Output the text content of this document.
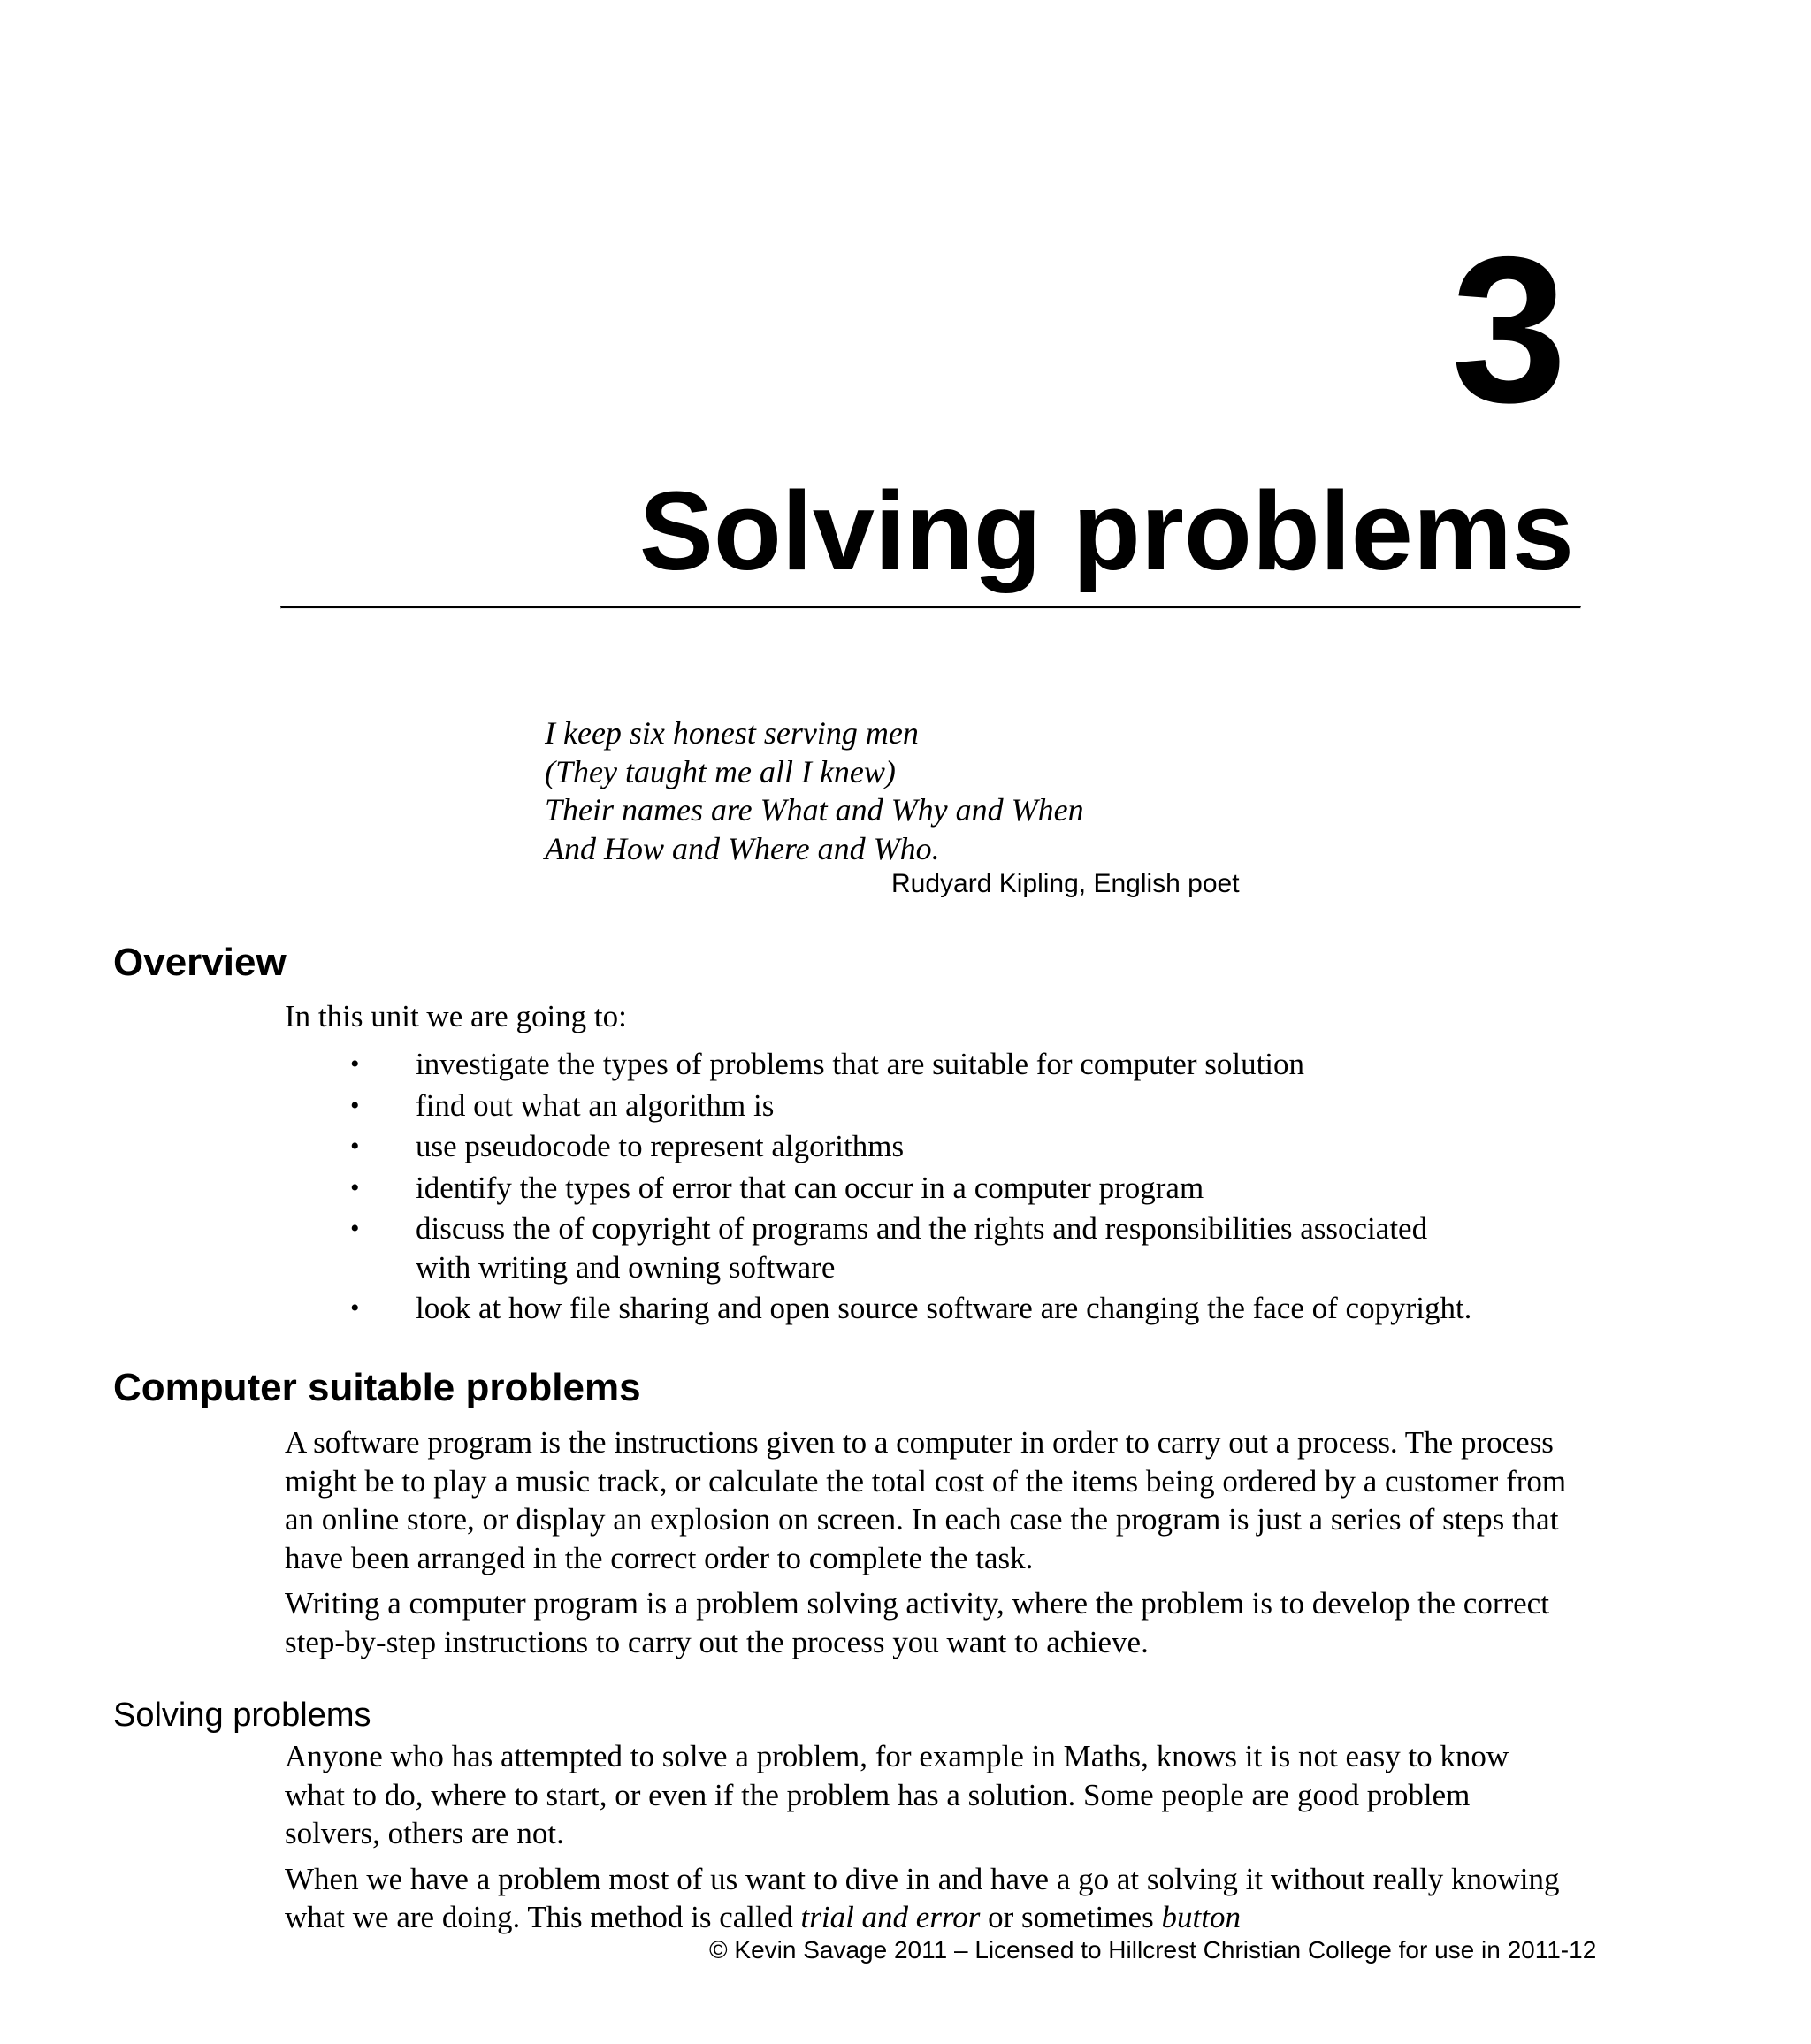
3
Solving problems
I keep six honest serving men
(They taught me all I knew)
Their names are What and Why and When
And How and Where and Who.
Rudyard Kipling, English poet
Overview

In this unit we are going to:

• investigate the types of problems that are suitable for computer solution
• find out what an algorithm is
• use pseudocode to represent algorithms
• identify the types of error that can occur in a computer program
• discuss the of copyright of programs and the rights and responsibilities associated with writing and owning software
• look at how file sharing and open source software are changing the face of copyright.
Computer suitable problems

A software program is the instructions given to a computer in order to carry out a process. The process might be to play a music track, or calculate the total cost of the items being ordered by a customer from an online store, or display an explosion on screen. In each case the program is just a series of steps that have been arranged in the correct order to complete the task.

Writing a computer program is a problem solving activity, where the problem is to develop the correct step-by-step instructions to carry out the process you want to achieve.

Solving problems

Anyone who has attempted to solve a problem, for example in Maths, knows it is not easy to know what to do, where to start, or even if the problem has a solution. Some people are good problem solvers, others are not.

When we have a problem most of us want to dive in and have a go at solving it without really knowing what we are doing. This method is called trial and error or sometimes button

© Kevin Savage 2011 – Licensed to Hillcrest Christian College for use in 2011-12
